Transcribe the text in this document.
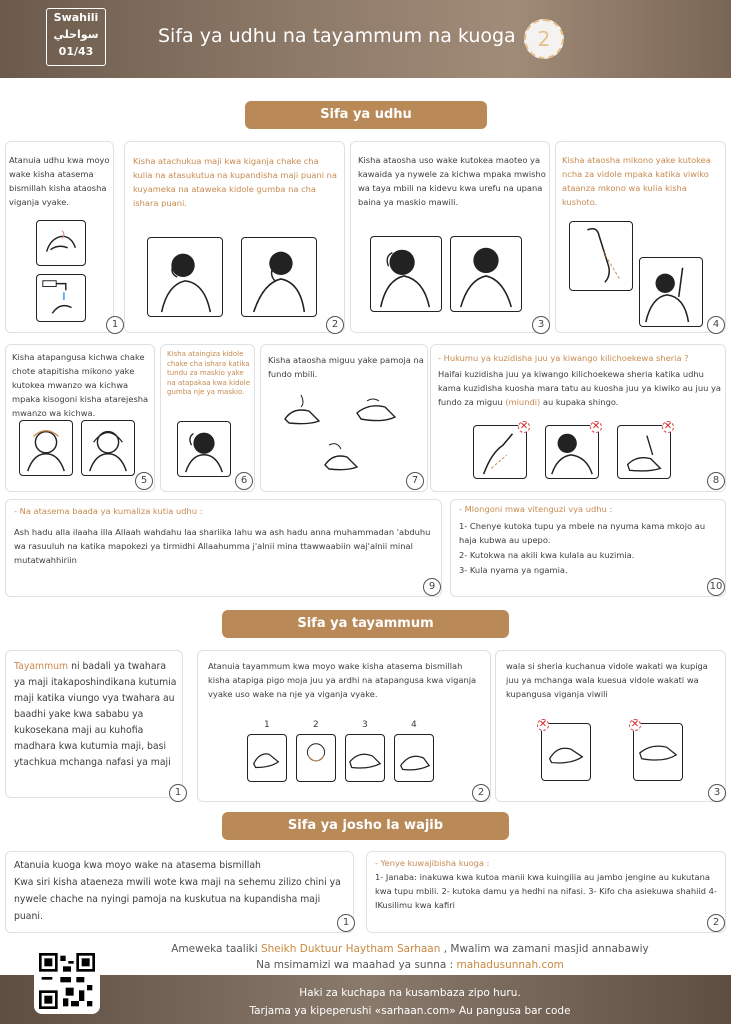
Swahili
سواحلي
01/43
Sifa ya udhu na tayammum na kuoga	2
Sifa ya udhu

Atanuia udhu kwa moyo wake kisha atasema bismillah kisha ataosha viganja vyake.

1

Kisha atachukua maji kwa kiganja chake cha kulia na atasukutua na kupandisha maji puani na kuyameka na ataweka kidole gumba na cha ishara puani.

2

Kisha ataosha uso wake kutokea maoteo ya kawaida ya nywele za kichwa mpaka mwisho wa taya mbili na kidevu kwa urefu na upana baina ya maskio mawili.

3

Kisha ataosha mikono yake kutokea ncha za vidole mpaka katika viwiko ataanza mkono wa kulia kisha kushoto.

4

Kisha atapangusa kichwa chake chote atapitisha mikono yake kutokea mwanzo wa kichwa mpaka kisogoni kisha atarejesha mwanzo wa kichwa.

5

Kisha ataingiza kidole chake cha ishara katika tundu za maskio yake na atapakaa kwa kidole gumba nje ya maskio.

6

Kisha ataosha miguu yake pamoja na fundo mbili.

7

- Hukumu ya kuzidisha juu ya kiwango kilichoekewa sheria ?

Haifai kuzidisha juu ya kiwango kilichoekewa sheria katika udhu kama kuzidisha kuosha mara tatu au kuosha juu ya kiwiko au juu ya fundo za miguu (miundi) au kupaka shingo.

✕	✕	✕
8

- Na atasema baada ya kumaliza kutia udhu :

Ash hadu alla ilaaha illa Allaah wahdahu laa shariika lahu wa ash hadu anna muhammadan 'abduhu wa rasuuluh na katika mapokezi ya tirmidhi Allaahumma j'alnii mina ttawwaabiin waj'alnii minal mutatwahhiriin

9

- Mlongoni mwa vitenguzi vya udhu :

1- Chenye kutoka tupu ya mbele na nyuma kama mkojo au haja kubwa au upepo.

2- Kutokwa na akili kwa kulala au kuzimia.

3- Kula nyama ya ngamia.

10
Sifa ya tayammum

Tayammum ni badali ya twahara ya maji itakaposhindikana kutumia maji katika viungo vya twahara au baadhi yake kwa sababu ya kukosekana maji au kuhofia madhara kwa kutumia maji, basi ytachkua mchanga nafasi ya maji

1

Atanuia tayammum kwa moyo wake kisha atasema bismillah kisha atapiga pigo moja juu ya ardhi na atapangusa kwa viganja vyake uso wake na nje ya viganja vyake.

1	2	3	4
2

wala si sheria kuchanua vidole wakati wa kupiga juu ya mchanga wala kuesua vidole wakati wa kupangusa viganja viwili

✕	✕
3
Sifa ya josho la wajib

Atanuia kuoga kwa moyo wake na atasema bismillah

Kwa siri kisha ataeneza mwili wote kwa maji na sehemu zilizo chini ya nywele chache na nyingi pamoja na kuskutua na kupandisha maji puani.

1

- Yenye kuwajibisha kuoga :

1- Janaba: inakuwa kwa kutoa manii kwa kuingilia au jambo jengine au kukutana kwa tupu mbili. 2- kutoka damu ya hedhi na nifasi. 3- Kifo cha asiekuwa shahiid 4- IKusilimu kwa kafiri

2
Ameweka taaliki Sheikh Duktuur Haytham Sarhaan , Mwalim wa zamani masjid annabawiy
Na msimamizi wa maahad ya sunna : mahadusunnah.com
Haki za kuchapa na kusambaza zipo huru.
Tarjama ya kipeperushi «sarhaan.com» Au pangusa bar code
